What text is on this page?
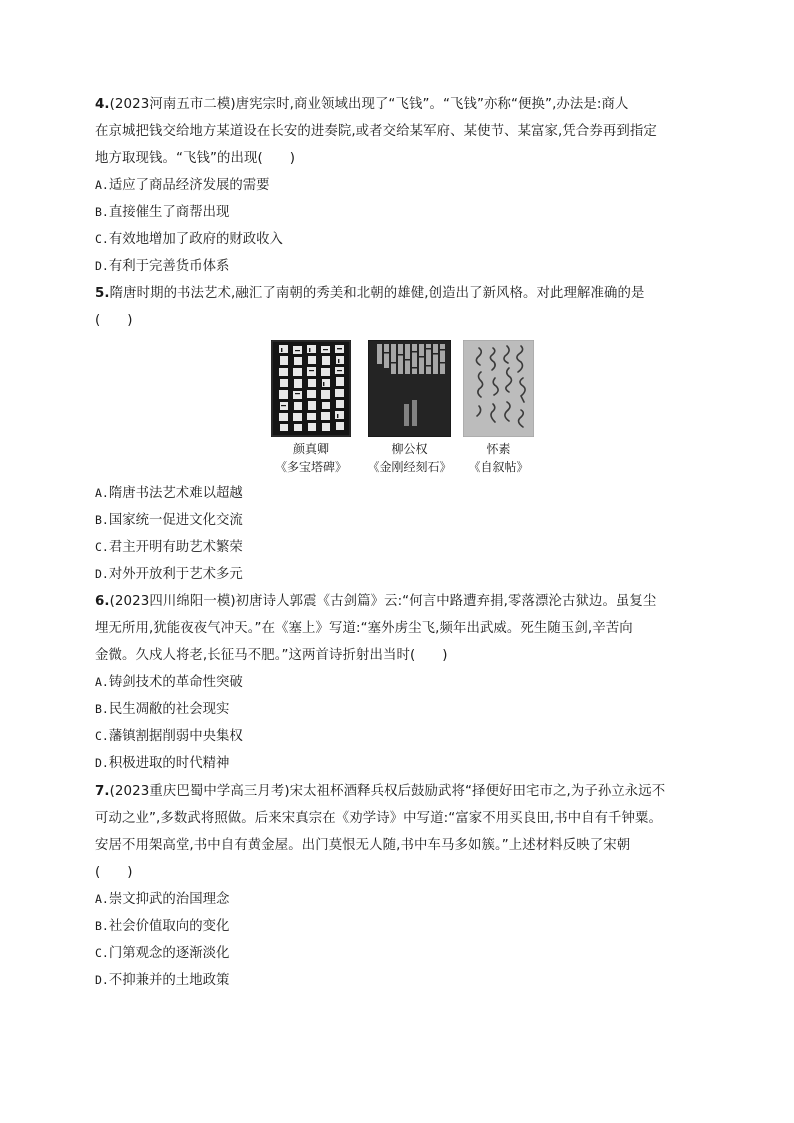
4.(2023河南五市二模)唐宪宗时,商业领域出现了“飞钱”。“飞钱”亦称“便换”,办法是:商人
在京城把钱交给地方某道设在长安的进奏院,或者交给某军府、某使节、某富家,凭合券再到指定
地方取现钱。“飞钱”的出现(　　)
A.适应了商品经济发展的需要
B.直接催生了商帮出现
C.有效地增加了政府的财政收入
D.有利于完善货币体系
5.隋唐时期的书法艺术,融汇了南朝的秀美和北朝的雄健,创造出了新风格。对此理解准确的是
(　　)
颜真卿
《多宝塔碑》
柳公权
《金刚经刻石》
怀素
《自叙帖》
A.隋唐书法艺术难以超越
B.国家统一促进文化交流
C.君主开明有助艺术繁荣
D.对外开放利于艺术多元
6.(2023四川绵阳一模)初唐诗人郭震《古剑篇》云:“何言中路遭弃捐,零落漂沦古狱边。虽复尘
埋无所用,犹能夜夜气冲天。”在《塞上》写道:“塞外虏尘飞,频年出武威。死生随玉剑,辛苦向
金微。久戍人将老,长征马不肥。”这两首诗折射出当时(　　)
A.铸剑技术的革命性突破
B.民生凋敝的社会现实
C.藩镇割据削弱中央集权
D.积极进取的时代精神
7.(2023重庆巴蜀中学高三月考)宋太祖杯酒释兵权后鼓励武将“择便好田宅市之,为子孙立永远不
可动之业”,多数武将照做。后来宋真宗在《劝学诗》中写道:“富家不用买良田,书中自有千钟粟。
安居不用架高堂,书中自有黄金屋。出门莫恨无人随,书中车马多如簇。”上述材料反映了宋朝
(　　)
A.崇文抑武的治国理念
B.社会价值取向的变化
C.门第观念的逐渐淡化
D.不抑兼并的土地政策
